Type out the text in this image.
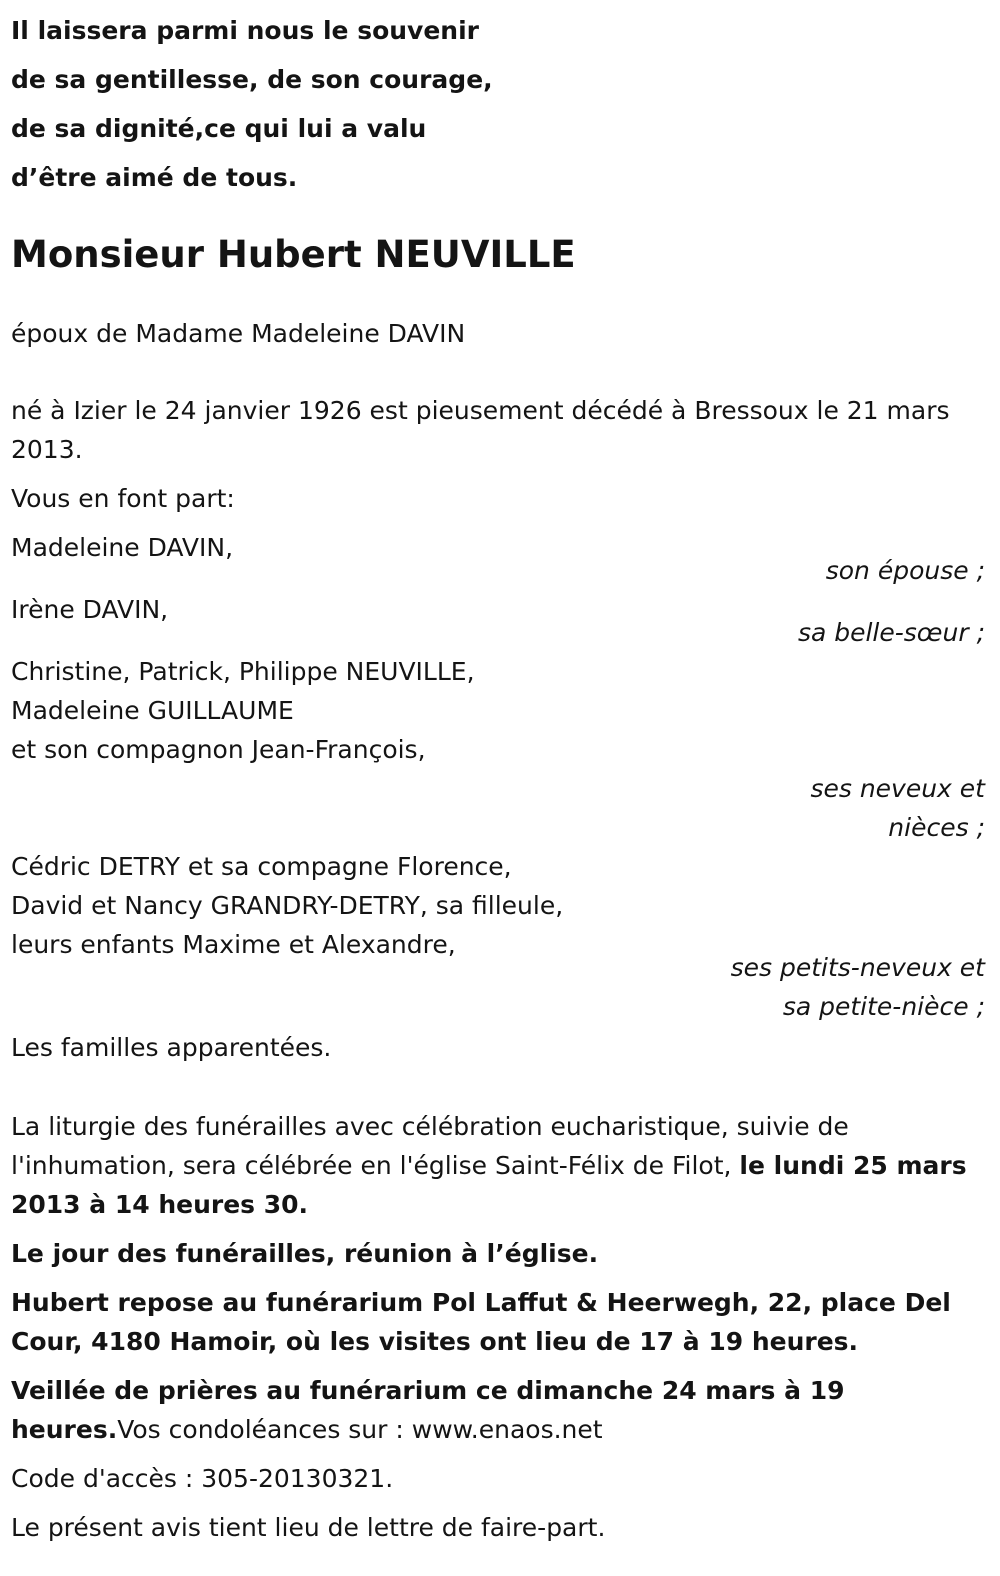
Il laissera parmi nous le souvenir
de sa gentillesse, de son courage,
de sa dignité,ce qui lui a valu
d’être aimé de tous.
Monsieur Hubert NEUVILLE

époux de Madame Madeleine DAVIN

né à Izier le 24 janvier 1926 est pieusement décédé à Bressoux le 21 mars 2013.

Vous en font part:

Madeleine DAVIN,
son épouse ;
Irène DAVIN,
sa belle-sœur ;
Christine, Patrick, Philippe NEUVILLE,
Madeleine GUILLAUME
et son compagnon Jean-François,
ses neveux et
nièces ;
Cédric DETRY et sa compagne Florence,
David et Nancy GRANDRY-DETRY, sa filleule,
leurs enfants Maxime et Alexandre,
ses petits-neveux et
sa petite-nièce ;

Les familles apparentées.

La liturgie des funérailles avec célébration eucharistique, suivie de l'inhumation, sera célébrée en l'église Saint-Félix de Filot, le lundi 25 mars 2013 à 14 heures 30.

Le jour des funérailles, réunion à l’église.

Hubert repose au funérarium Pol Laffut & Heerwegh, 22, place Del Cour, 4180 Hamoir, où les visites ont lieu de 17 à 19 heures.

Veillée de prières au funérarium ce dimanche 24 mars à 19 heures.Vos condoléances sur : www.enaos.net

Code d'accès : 305-20130321.

Le présent avis tient lieu de lettre de faire-part.
